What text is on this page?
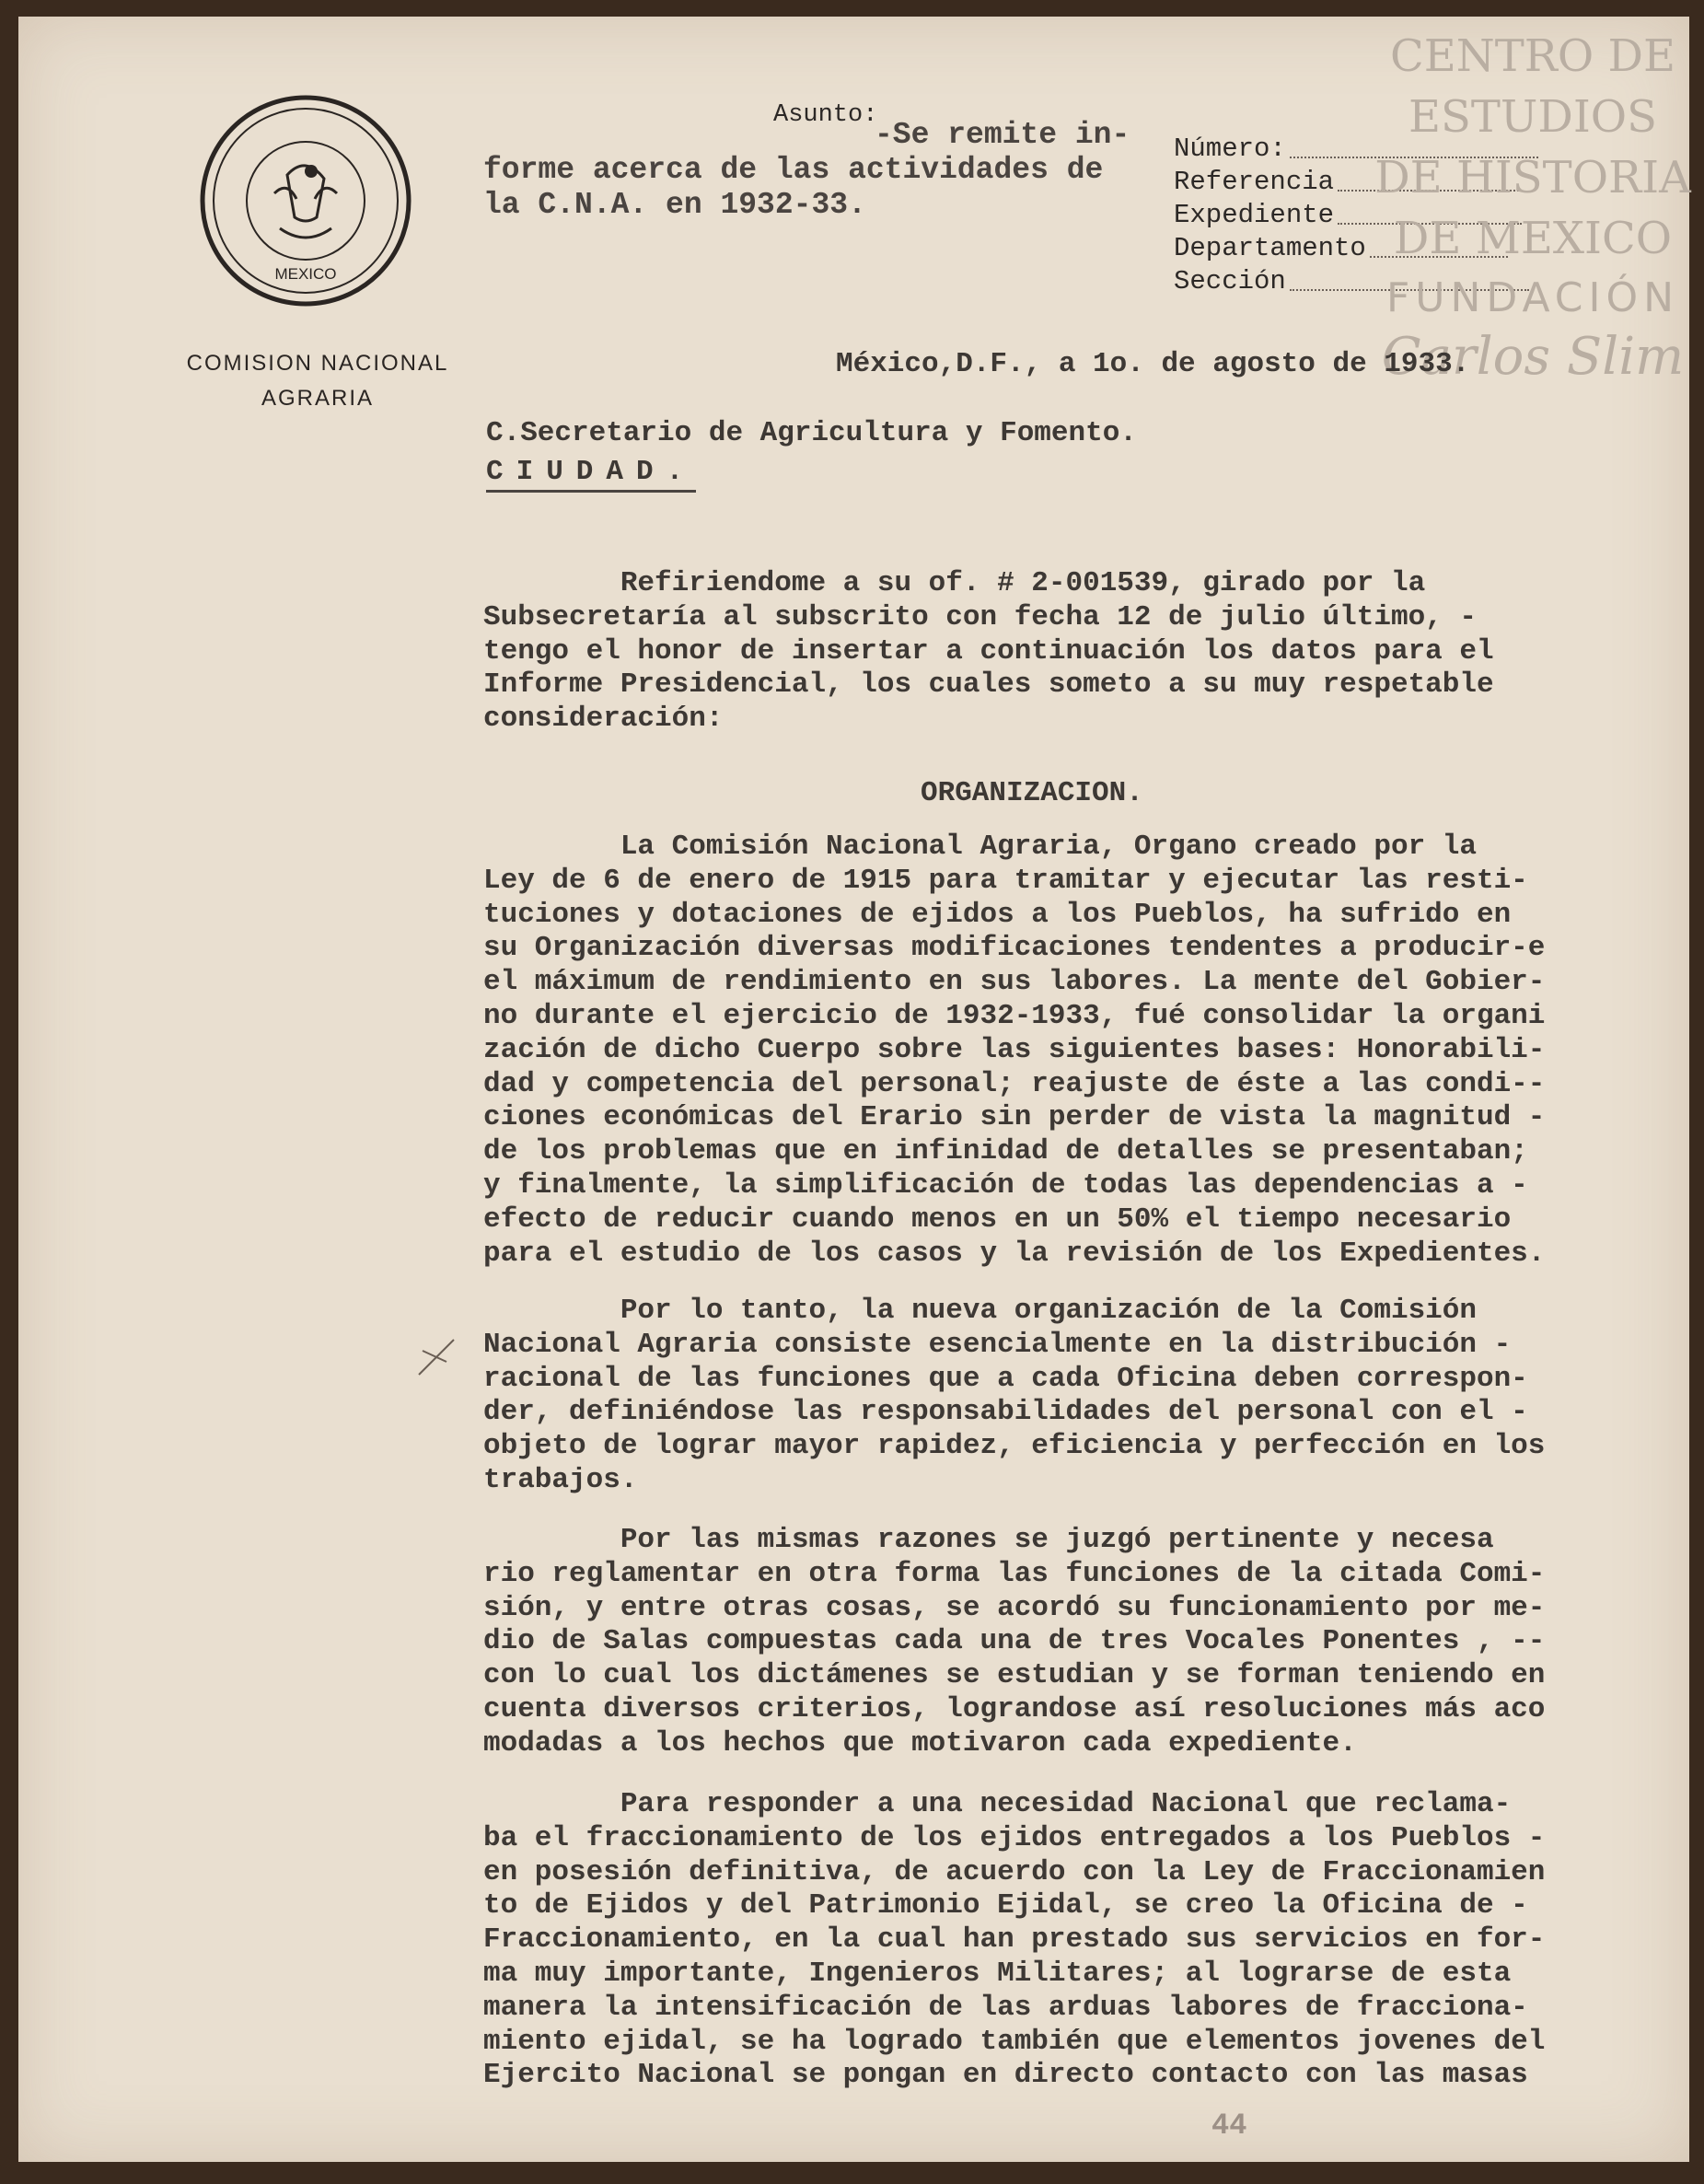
MEXICO
COMISION NACIONAL
AGRARIA
Asunto:
-Se remite in-
forme acerca de las actividades de
la C.N.A. en 1932-33.
Número:
Referencia
Expediente
Departamento
Sección
CENTRO DE
ESTUDIOS
DE HISTORIA
DE MEXICO
FUNDACIÓN
Carlos Slim
México,D.F., a 1o. de agosto de 1933.
C.Secretario de Agricultura y Fomento.
CIUDAD.
Refiriendome a su of. # 2-001539, girado por la
Subsecretaría al subscrito con fecha 12 de julio último, -
tengo el honor de insertar a continuación los datos para el
Informe Presidencial, los cuales someto a su muy respetable
consideración:
ORGANIZACION.
La Comisión Nacional Agraria, Organo creado por la
Ley de 6 de enero de 1915 para tramitar y ejecutar las resti-
tuciones y dotaciones de ejidos a los Pueblos, ha sufrido en
su Organización diversas modificaciones tendentes a producir-e
el máximum de rendimiento en sus labores. La mente del Gobier-
no durante el ejercicio de 1932-1933, fué consolidar la organi
zación de dicho Cuerpo sobre las siguientes bases: Honorabili-
dad y competencia del personal; reajuste de éste a las condi--
ciones económicas del Erario sin perder de vista la magnitud -
de los problemas que en infinidad de detalles se presentaban;
y finalmente, la simplificación de todas las dependencias a -
efecto de reducir cuando menos en un 50% el tiempo necesario
para el estudio de los casos y la revisión de los Expedientes.
Por lo tanto, la nueva organización de la Comisión
Nacional Agraria consiste esencialmente en la distribución -
racional de las funciones que a cada Oficina deben correspon-
der, definiéndose las responsabilidades del personal con el -
objeto de lograr mayor rapidez, eficiencia y perfección en los
trabajos.
Por las mismas razones se juzgó pertinente y necesa
rio reglamentar en otra forma las funciones de la citada Comi-
sión, y entre otras cosas, se acordó su funcionamiento por me-
dio de Salas compuestas cada una de tres Vocales Ponentes , --
con lo cual los dictámenes se estudian y se forman teniendo en
cuenta diversos criterios, lograndose así resoluciones más aco
modadas a los hechos que motivaron cada expediente.
Para responder a una necesidad Nacional que reclama-
ba el fraccionamiento de los ejidos entregados a los Pueblos -
en posesión definitiva, de acuerdo con la Ley de Fraccionamien
to de Ejidos y del Patrimonio Ejidal, se creo la Oficina de -
Fraccionamiento, en la cual han prestado sus servicios en for-
ma muy importante, Ingenieros Militares; al lograrse de esta
manera la intensificación de las arduas labores de fracciona-
miento ejidal, se ha logrado también que elementos jovenes del
Ejercito Nacional se pongan en directo contacto con las masas
44
